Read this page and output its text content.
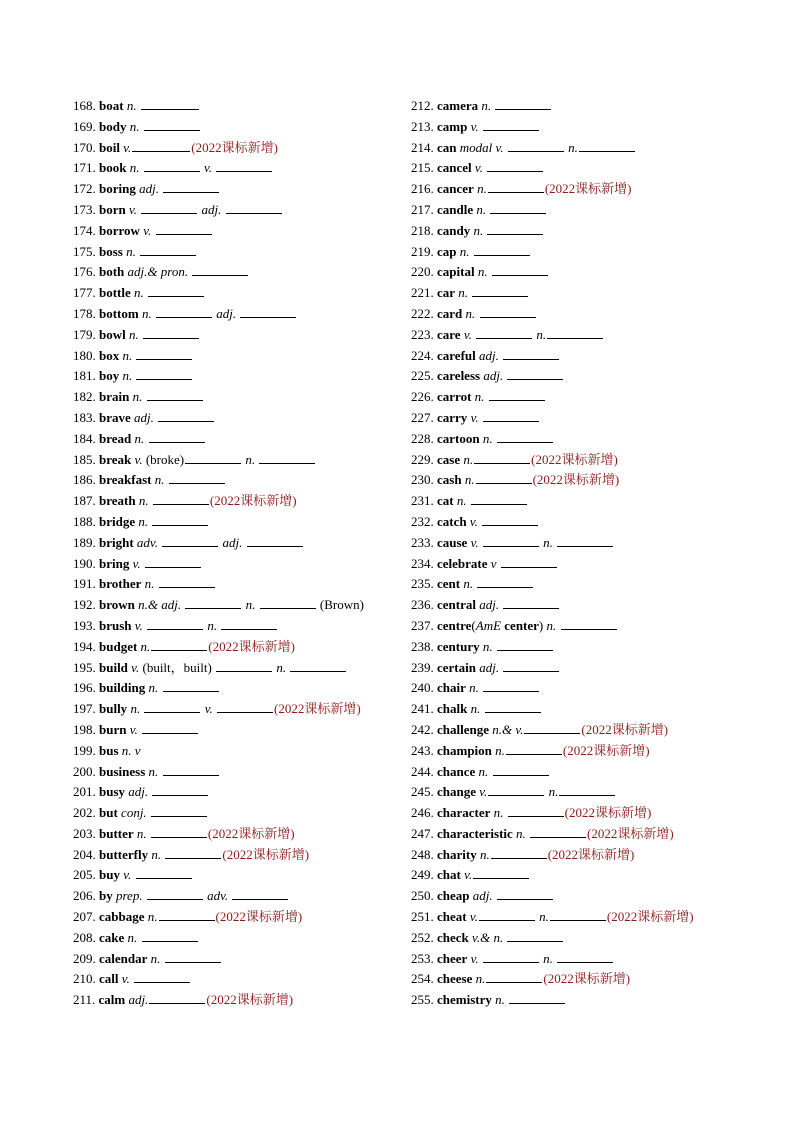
168. boat n.
169. body n.
170. boil v.	(2022课标新增)
171. book n.	v.
172. boring adj.
173. born v.	adj.
174. borrow v.
175. boss n.
176. both adj.& pron.
177. bottle n.
178. bottom n.	adj.
179. bowl n.
180. box n.
181. boy n.
182. brain n.
183. brave adj.
184. bread n.
185. break v. (broke)	n.
186. breakfast n.
187. breath n.	(2022课标新增)
188. bridge n.
189. bright adv.	adj.
190. bring v.
191. brother n.
192. brown n.& adj.	n.	(Brown)
193. brush v.	n.
194. budget n.	(2022课标新增)
195. build v. (built，built)	n.
196. building n.
197. bully n.	v.	(2022课标新增)
198. burn v.
199. bus n. v
200. business n.
201. busy adj.
202. but conj.
203. butter n.	(2022课标新增)
204. butterfly n.	(2022课标新增)
205. buy v.
206. by prep.	adv.
207. cabbage n.	(2022课标新增)
208. cake n.
209. calendar n.
210. call v.
211. calm adj.	(2022课标新增)
212. camera n.
213. camp v.
214. can modal v.	n.
215. cancel v.
216. cancer n.	(2022课标新增)
217. candle n.
218. candy n.
219. cap n.
220. capital n.
221. car n.
222. card n.
223. care v.	n.
224. careful adj.
225. careless adj.
226. carrot n.
227. carry v.
228. cartoon n.
229. case n.	(2022课标新增)
230. cash n.	(2022课标新增)
231. cat n.
232. catch v.
233. cause v.	n.
234. celebrate v
235. cent n.
236. central adj.
237. centre(AmE center) n.
238. century n.
239. certain adj.
240. chair n.
241. chalk n.
242. challenge n.& v.	(2022课标新增)
243. champion n.	(2022课标新增)
244. chance n.
245. change v.	n.
246. character n.	(2022课标新增)
247. characteristic n.	(2022课标新增)
248. charity n.	(2022课标新增)
249. chat v.
250. cheap adj.
251. cheat v.	n.	(2022课标新增)
252. check v.& n.
253. cheer v.	n.
254. cheese n.	(2022课标新增)
255. chemistry n.
